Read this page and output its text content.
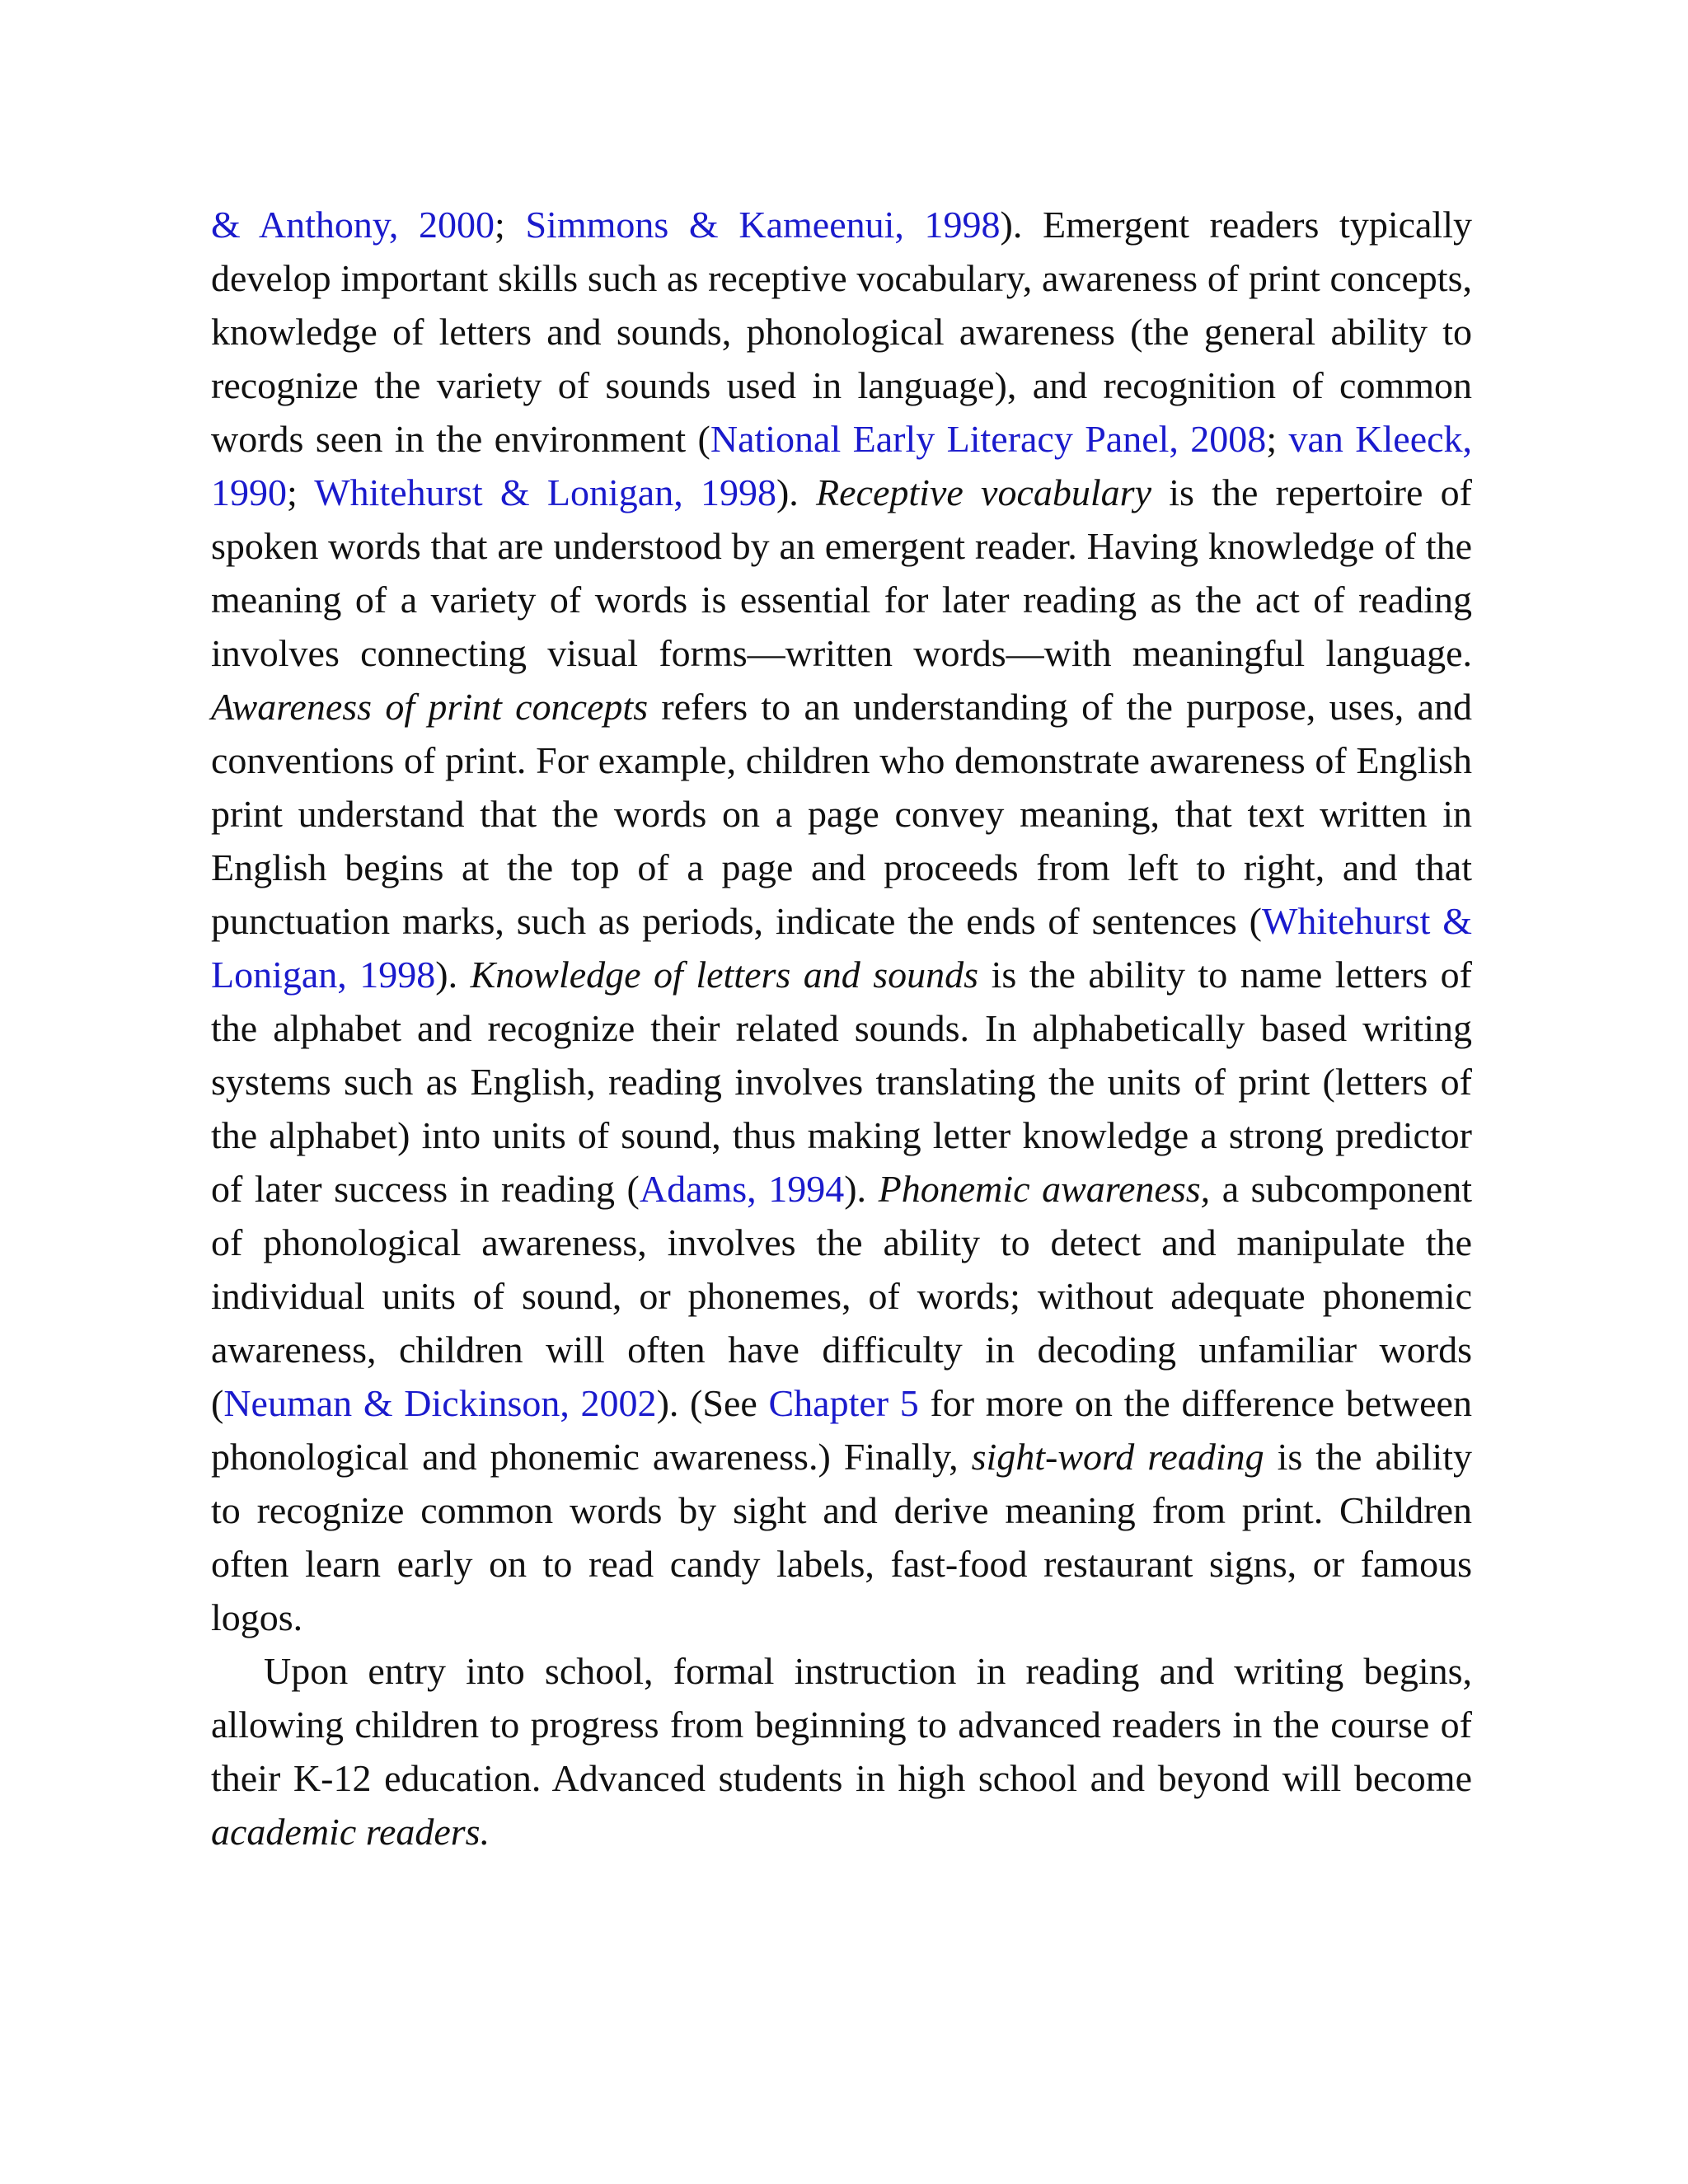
& Anthony, 2000; Simmons & Kameenui, 1998). Emergent readers typically develop important skills such as receptive vocabulary, awareness of print concepts, knowledge of letters and sounds, phonological awareness (the general ability to recognize the variety of sounds used in language), and recognition of common words seen in the environment (National Early Literacy Panel, 2008; van Kleeck, 1990; Whitehurst & Lonigan, 1998). Receptive vocabulary is the repertoire of spoken words that are understood by an emergent reader. Having knowledge of the meaning of a variety of words is essential for later reading as the act of reading involves connecting visual forms—written words—with meaningful language. Awareness of print concepts refers to an understanding of the purpose, uses, and conventions of print. For example, children who demonstrate awareness of English print understand that the words on a page convey meaning, that text written in English begins at the top of a page and proceeds from left to right, and that punctuation marks, such as periods, indicate the ends of sentences (Whitehurst & Lonigan, 1998). Knowledge of letters and sounds is the ability to name letters of the alphabet and recognize their related sounds. In alphabetically based writing systems such as English, reading involves translating the units of print (letters of the alphabet) into units of sound, thus making letter knowledge a strong predictor of later success in reading (Adams, 1994). Phonemic awareness, a subcomponent of phonological awareness, involves the ability to detect and manipulate the individual units of sound, or phonemes, of words; without adequate phonemic awareness, children will often have difficulty in decoding unfamiliar words (Neuman & Dickinson, 2002). (See Chapter 5 for more on the difference between phonological and phonemic awareness.) Finally, sight-word reading is the ability to recognize common words by sight and derive meaning from print. Children often learn early on to read candy labels, fast-food restaurant signs, or famous logos.

Upon entry into school, formal instruction in reading and writing begins, allowing children to progress from beginning to advanced readers in the course of their K-12 education. Advanced students in high school and beyond will become academic readers.
